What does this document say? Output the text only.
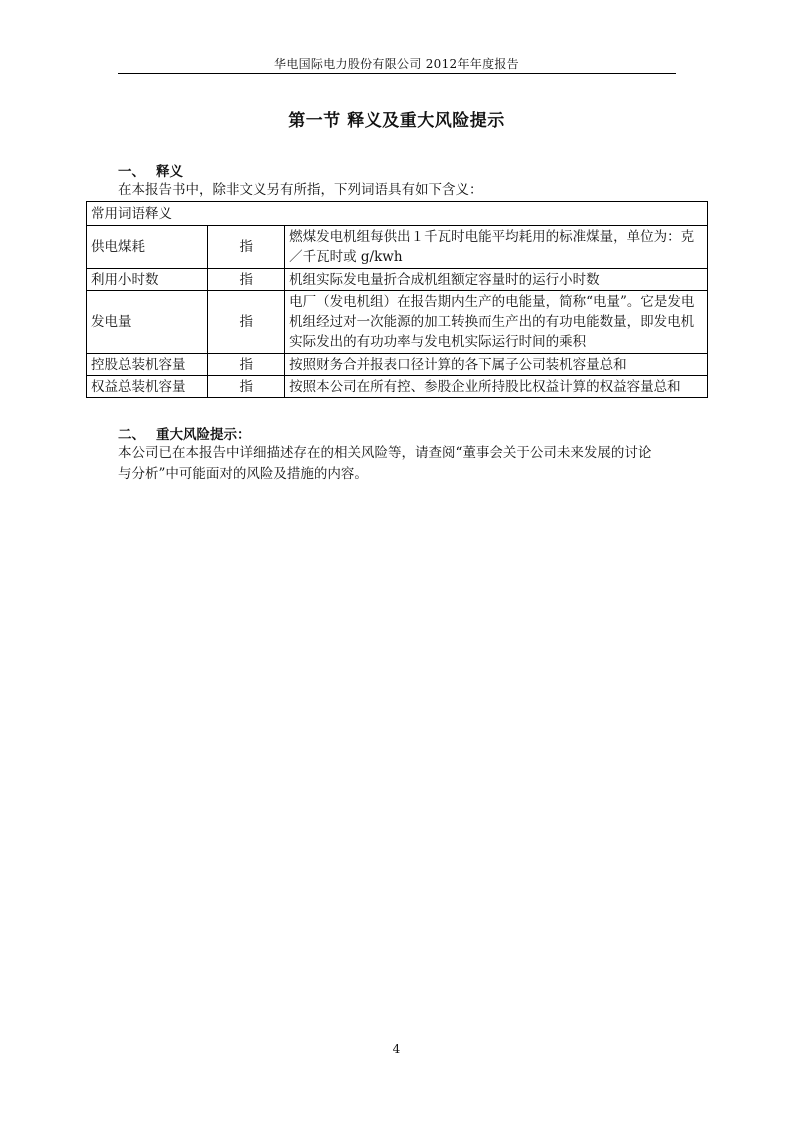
华电国际电力股份有限公司 2012年年度报告
第一节 释义及重大风险提示
一、 释义
在本报告书中，除非文义另有所指，下列词语具有如下含义：
常用词语释义		
供电煤耗	指	燃煤发电机组每供出１千瓦时电能平均耗用的标准煤量，单位为：克／千瓦时或 g/kwh
利用小时数	指	机组实际发电量折合成机组额定容量时的运行小时数
发电量	指	电厂（发电机组）在报告期内生产的电能量，简称“电量”。它是发电机组经过对一次能源的加工转换而生产出的有功电能数量，即发电机实际发出的有功功率与发电机实际运行时间的乘积
控股总装机容量	指	按照财务合并报表口径计算的各下属子公司装机容量总和
权益总装机容量	指	按照本公司在所有控、参股企业所持股比权益计算的权益容量总和
二、 重大风险提示：
本公司已在本报告中详细描述存在的相关风险等，请查阅“董事会关于公司未来发展的讨论
与分析”中可能面对的风险及措施的内容。
4
